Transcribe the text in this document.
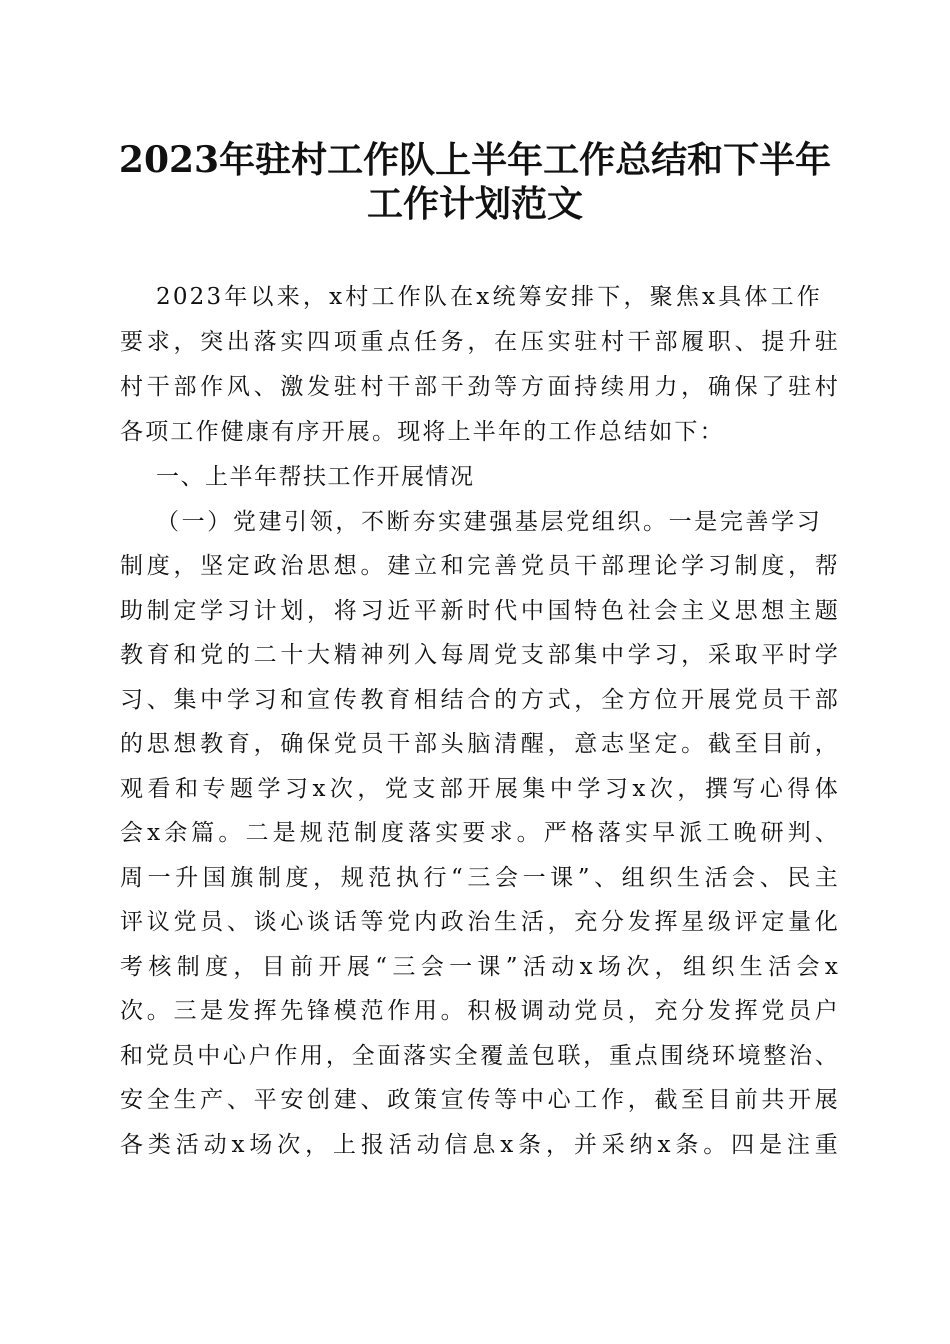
2023年驻村工作队上半年工作总结和下半年
工作计划范文
2023年以来，x村工作队在x统筹安排下，聚焦x具体工作
要求，突出落实四项重点任务，在压实驻村干部履职、提升驻
村干部作风、激发驻村干部干劲等方面持续用力，确保了驻村
各项工作健康有序开展。现将上半年的工作总结如下：
一、上半年帮扶工作开展情况
（一）党建引领，不断夯实建强基层党组织。一是完善学习
制度，坚定政治思想。建立和完善党员干部理论学习制度，帮
助制定学习计划，将习近平新时代中国特色社会主义思想主题
教育和党的二十大精神列入每周党支部集中学习，采取平时学
习、集中学习和宣传教育相结合的方式，全方位开展党员干部
的思想教育，确保党员干部头脑清醒，意志坚定。截至目前，
观看和专题学习x次，党支部开展集中学习x次，撰写心得体
会x余篇。二是规范制度落实要求。严格落实早派工晚研判、
周一升国旗制度，规范执行“三会一课”、组织生活会、民主
评议党员、谈心谈话等党内政治生活，充分发挥星级评定量化
考核制度，目前开展“三会一课”活动x场次，组织生活会x
次。三是发挥先锋模范作用。积极调动党员，充分发挥党员户
和党员中心户作用，全面落实全覆盖包联，重点围绕环境整治、
安全生产、平安创建、政策宣传等中心工作，截至目前共开展
各类活动x场次，上报活动信息x条，并采纳x条。四是注重
